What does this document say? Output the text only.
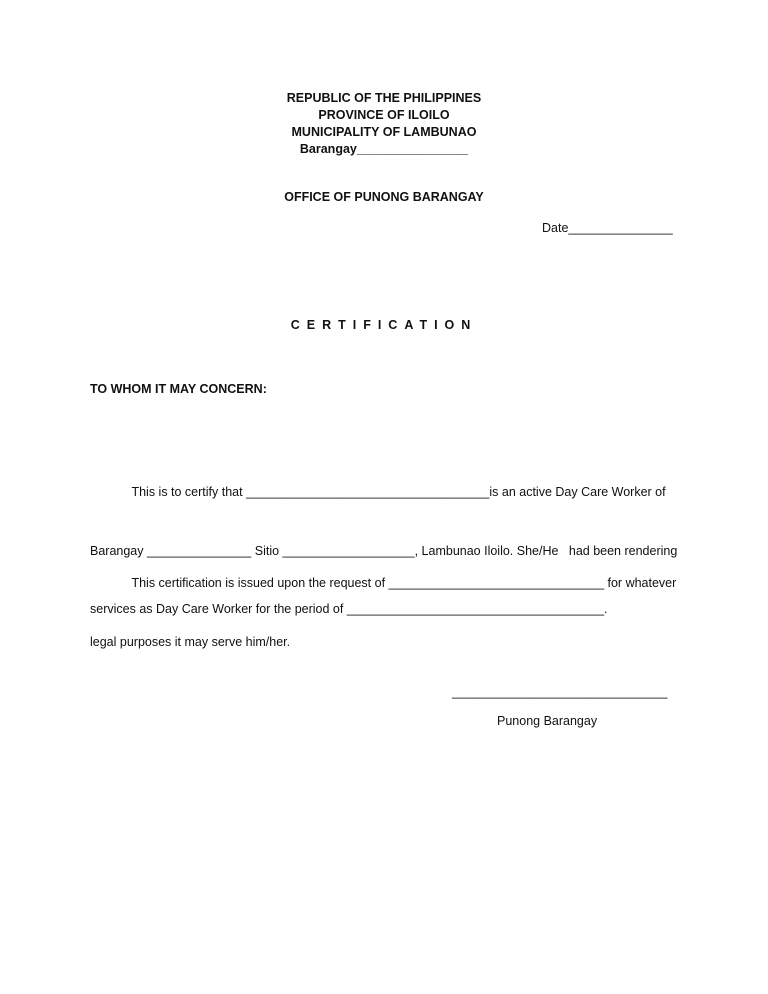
REPUBLIC OF THE PHILIPPINES
PROVINCE OF ILOILO
MUNICIPALITY OF LAMBUNAO
Barangay________________
OFFICE OF PUNONG BARANGAY
Date_______________
CERTIFICATION
TO WHOM IT MAY CONCERN:

This is to certify that ___________________________________is an active Day Care Worker of

Barangay _______________ Sitio ___________________, Lambunao Iloilo. She/He   had been rendering

services as Day Care Worker for the period of _____________________________________.

This certification is issued upon the request of _______________________________ for whatever

legal purposes it may serve him/her.

_______________________________
Punong Barangay
